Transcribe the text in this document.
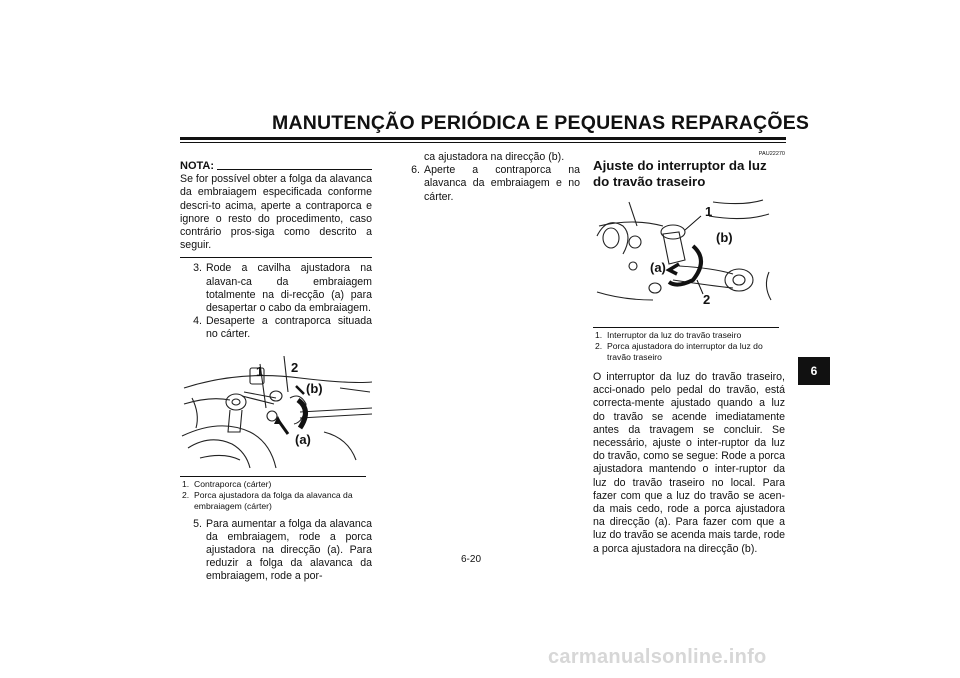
MANUTENÇÃO PERIÓDICA E PEQUENAS REPARAÇÕES
NOTA:

Se for possível obter a folga da alavanca da embraiagem especificada conforme descri-to acima, aperte a contraporca e ignore o resto do procedimento, caso contrário pros-siga como descrito a seguir.

3. Rode a cavilha ajustadora na alavan-ca da embraiagem totalmente na di-recção (a) para desapertar o cabo da embraiagem.
4. Desaperte a contraporca situada no cárter.
1 2
(b)
(a)
1. Contraporca (cárter)
2. Porca ajustadora da folga da alavanca da embraiagem (cárter)
5. Para aumentar a folga da alavanca da embraiagem, rode a porca ajustadora na direcção (a). Para reduzir a folga da alavanca da embraiagem, rode a por-
ca ajustadora na direcção (b).
6. Aperte a contraporca na alavanca da embraiagem e no cárter.
PAU22270
Ajuste do interruptor da luz do travão traseiro
1
(b)
(a)
2
1. Interruptor da luz do travão traseiro
2. Porca ajustadora do interruptor da luz do travão traseiro

O interruptor da luz do travão traseiro, acci-onado pelo pedal do travão, está correcta-mente ajustado quando a luz do travão se acende imediatamente antes da travagem se concluir. Se necessário, ajuste o inter-ruptor da luz do travão, como se segue: Rode a porca ajustadora mantendo o inter-ruptor da luz do travão traseiro no local. Para fazer com que a luz do travão se acen-da mais cedo, rode a porca ajustadora na direcção (a). Para fazer com que a luz do travão se acenda mais tarde, rode a porca ajustadora na direcção (b).

6
6-20
carmanualsonline.info
